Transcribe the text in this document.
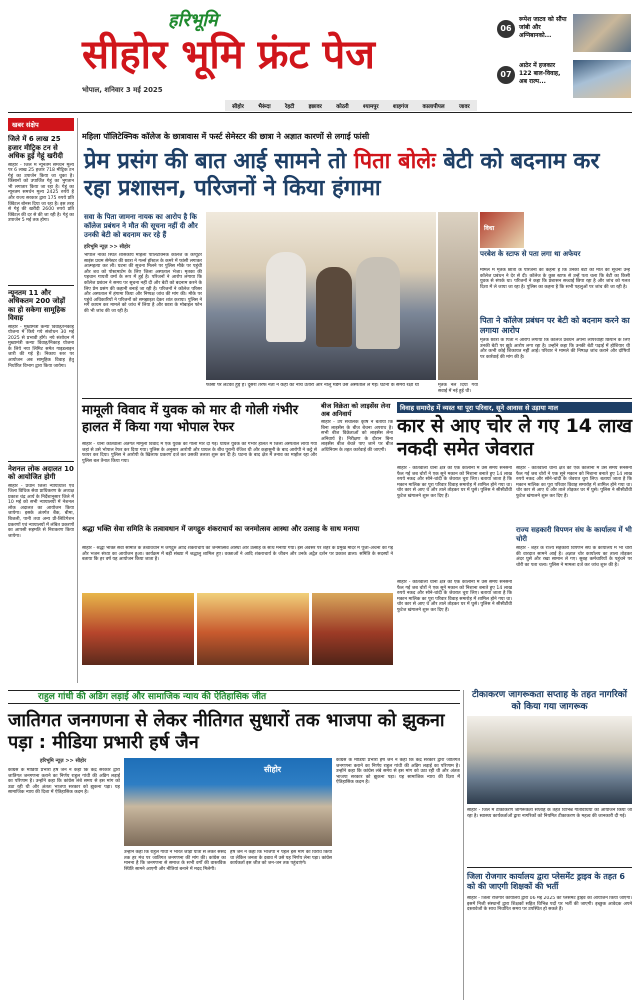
हरिभूमि
सीहोर भूमि फ्रंट पेज
भोपाल, शनिवार 3 मई 2025
सीहोर	भैरूंदा	रेहटी	इछावर	कोठरी	श्यामपुर	शाहगंज	कालापीपल	जावर
06
रूपेश जाटव को सौंपा जांबी और अग्निबानको...
07
आठेर में हजकार 122 बाल-विवाह, अब राल्प...
खबर संक्षेप
जिले में 6 लाख 25 हजार मीट्रिक टन से अधिक हुई गेहूं खरीदी
सीहोर - जिले में न्यूनतम समर्थन मूल्य पर 6 लाख 25 हजार 718 मीट्रिक टन गेहूं का उपार्जन किया जा चुका है। किसानों को उपार्जित गेहूं का भुगतान भी लगातार किया जा रहा है। गेहूं का न्यूनतम समर्थन मूल्य 2425 रुपये है और राज्य सरकार द्वारा 175 रुपये प्रति क्विंटल बोनस दिया जा रहा है। इस तरह से गेहूं की खरीदी 2600 रुपये प्रति क्विंटल की दर से की जा रही है। गेहूं का उपार्जन 5 मई तक होगा।
न्यूनतम 11 और अधिकतम 200 जोड़ों का हो सकेगा सामूहिक विवाह
सीहोर - मुख्यमंत्री कन्या विवाह/निकाह योजना में किये गये संशोधन 30 मई 2025 से प्रभावी होंगे। नये संशोधन में मुख्यमंत्री कन्या विवाह/निकाह योजना के लिये नया लिमिट समेत गाइडलाइन जारी की गई हैं। निकाय स्तर पर आयोजन अब सामूहिक विवाह हेतु निर्धारित विभाग द्वारा किया जायेगा।
नेशनल लोक अदालत 10 को आयोजित होगी
सीहोर - प्रधान जिला न्यायाधीश एवं जिला विधिक सेवा प्राधिकरण के अध्यक्ष प्रकाश चंद्र आर्य के निर्देशानुसार जिले में 10 मई को सभी न्यायालयों में नेशनल लोक अदालत का आयोजन किया जायेगा। इसके अंतर्गत बैंक, बीमा, बिजली, पानी तथा अन्य प्री-लिटिगेशन प्रकरणों एवं न्यायालयों में लंबित प्रकरणों का आपसी सहमति से निराकरण किया जायेगा।
महिला पॉलिटेक्निक कॉलेज के छात्रावास में फर्स्ट सेमेस्टर की छात्रा ने अज्ञात कारणों से लगाई फांसी
प्रेम प्रसंग की बात आई सामने तो पिता बोलेः बेटी को बदनाम कर रहा प्रशासन, परिजनों ने किया हंगामा
सवा के पिता जामना नायक का आरोप है कि कॉलेज प्रबंधन ने मौत की सूचना नहीं दी और उनकी बेटी को बदनाम कर रहे हैं
हरिभूमि न्यूज़ >> सीहोर
भोपाल नाका स्थित शासकीय महिला पॉलिटेक्निक कॉलेज के कंप्यूटर साइंस प्रथम सेमेस्टर की छात्रा ने गर्ल्स हॉस्टल के कमरे में फांसी लगाकर आत्महत्या कर ली। घटना की सूचना मिलने पर पुलिस मौके पर पहुंची और शव को पोस्टमार्टम के लिए जिला अस्पताल भेजा। मृतका की पहचान गायत्री वर्मा के रूप में हुई है। परिजनों ने आरोप लगाया कि कॉलेज प्रबंधन ने समय पर सूचना नहीं दी और बेटी को बदनाम करने के लिए प्रेम प्रसंग की कहानी बनाई जा रही है। परिजनों ने कॉलेज परिसर और अस्पताल में हंगामा किया और निष्पक्ष जांच की मांग की। मौके पर पहुंचे अधिकारियों ने परिजनों को समझाइश देकर शांत कराया। पुलिस ने मर्ग कायम कर मामले को जांच में लिया है और छात्रा के मोबाइल फोन की भी जांच की जा रही है।
फांसी पर लटकी हुई है। दूसरी तरफ नेता ने कहा की नीचे उतारा और नीलू मैडम उसे अस्पताल ले गई। घटना के समय रक्षा थी	मृतक नेल दिया गया सवाई में नई हुई थी।
विधा
परबेश के स्टाफ से पता लगा था अफेयर
मामले में मृतक छात्रा के परिजनों का कहना है कि उनकी बेटी की मौत की सूचना उन्हें कॉलेज प्रबंधन ने देर से दी। कॉलेज के कुछ स्टाफ से उन्हें पता चला कि बेटी का किसी युवक से संपर्क था। परिजनों ने कहा कि प्रशासन सच्चाई छिपा रहा है और जांच को गलत दिशा में ले जाया जा रहा है। पुलिस का कहना है कि सभी पहलुओं पर जांच की जा रही है।
पिता ने कॉलेज प्रबंधन पर बेटी को बदनाम करने का लगाया आरोप
मृतक छात्रा के पिता ने आरोप लगाया कि कॉलेज प्रबंधन अपनी लापरवाही छिपाने के लिए उनकी बेटी पर झूठे आरोप लगा रहा है। उन्होंने कहा कि उनकी बेटी पढ़ाई में होशियार थी और कभी कोई शिकायत नहीं आई। परिवार ने मामले की निष्पक्ष जांच कराने और दोषियों पर कार्रवाई की मांग की है।
मामूली विवाद में युवक को मार दी गोली गंभीर हालत में किया गया भोपाल रेफर
सीहोर - थाना कोतवाली अंतर्गत मामूली विवाद में एक युवक को गोली मार दी गई। घायल युवक को गंभीर हालत में जिला अस्पताल लाया गया जहां से उसे भोपाल रेफर कर दिया गया। पुलिस के अनुसार आरोपी और घायल के बीच पुरानी रंजिश थी और कहासुनी के बाद आरोपी ने कट्टे से फायर कर दिया। पुलिस ने आरोपी के खिलाफ प्रकरण दर्ज कर उसकी तलाश शुरू कर दी है। घटना के बाद क्षेत्र में तनाव का माहौल रहा और पुलिस बल तैनात किया गया।
बीज विक्रेता को लाइसेंस लेना अब अनिवार्य
सीहोर - उप संचालक कृषि ने बताया कि बिना लाइसेंस के बीज बेचना अपराध है। सभी बीज विक्रेताओं को लाइसेंस लेना अनिवार्य है। निरीक्षण के दौरान बिना लाइसेंस बीज बेचते पाए जाने पर बीज अधिनियम के तहत कार्रवाई की जाएगी।
विवाह समारोह में व्यस्त था पूरा परिवार, सूने आवास से उड़ाया माल
कार से आए चोर ले गए 14 लाख नकदी समेत जेवरात
सीहोर - कोतवाली थाना क्षेत्र की एक कॉलोनी में उस समय सनसनी फैल गई जब चोरों ने एक सूने मकान को निशाना बनाते हुए 14 लाख रुपये नकद और सोने-चांदी के जेवरात चुरा लिए। बताया जाता है कि मकान मालिक का पूरा परिवार विवाह समारोह में शामिल होने गया था। चोर कार से आए थे और ताले तोड़कर घर में घुसे। पुलिस ने सीसीटीवी फुटेज खंगालने शुरू कर दिए हैं।
सीहोर - कोतवाली थाना क्षेत्र की एक कॉलोनी में उस समय सनसनी फैल गई जब चोरों ने एक सूने मकान को निशाना बनाते हुए 14 लाख रुपये नकद और सोने-चांदी के जेवरात चुरा लिए। बताया जाता है कि मकान मालिक का पूरा परिवार विवाह समारोह में शामिल होने गया था। चोर कार से आए थे और ताले तोड़कर घर में घुसे। पुलिस ने सीसीटीवी फुटेज खंगालने शुरू कर दिए हैं।
राज्य सहकारी विपणन संघ के कार्यालय में भी चोरी
सीहोर - शहर के राज्य सहकारी विपणन संघ के कार्यालय में भी चोरी की वारदात सामने आई है। अज्ञात चोर कार्यालय का ताला तोड़कर अंदर घुसे और रखा सामान ले गए। सुबह कर्मचारियों के पहुंचने पर चोरी का पता चला। पुलिस ने मामला दर्ज कर जांच शुरू की है।
सीहोर - कोतवाली थाना क्षेत्र की एक कॉलोनी में उस समय सनसनी फैल गई जब चोरों ने एक सूने मकान को निशाना बनाते हुए 14 लाख रुपये नकद और सोने-चांदी के जेवरात चुरा लिए। बताया जाता है कि मकान मालिक का पूरा परिवार विवाह समारोह में शामिल होने गया था। चोर कार से आए थे और ताले तोड़कर घर में घुसे। पुलिस ने सीसीटीवी फुटेज खंगालने शुरू कर दिए हैं।
श्रद्धा भक्ति सेवा समिति के तत्वावधान में जगद्गुरु शंकराचार्य का जनमोत्सव आस्था और उत्साह के साथ मनाया
सीहोर - श्रद्धा भक्ति सेवा समिति के तत्वावधान में जगद्गुरु आदि शंकराचार्य का जनमोत्सव आस्था और उत्साह के साथ मनाया गया। इस अवसर पर शहर के प्रमुख मंदिर में पूजा-अर्चना की गई और भजन संध्या का आयोजन हुआ। कार्यक्रम में बड़ी संख्या में श्रद्धालु शामिल हुए। वक्ताओं ने आदि शंकराचार्य के जीवन और उनके अद्वैत दर्शन पर प्रकाश डाला। समिति के सदस्यों ने बताया कि हर वर्ष यह आयोजन किया जाता है।
राहुल गांधी की अडिग लड़ाई और सामाजिक न्याय की ऐतिहासिक जीत
जातिगत जनगणना से लेकर नीतिगत सुधारों तक भाजपा को झुकना पड़ा : मीडिया प्रभारी हर्ष जैन
हरिभूमि न्यूज़ >> सीहोर
कांग्रेस के मीडिया प्रभारी हर्ष जैन ने कहा कि केंद्र सरकार द्वारा जातिगत जनगणना कराने का निर्णय राहुल गांधी की अडिग लड़ाई का परिणाम है। उन्होंने कहा कि कांग्रेस लंबे समय से इस मांग को उठा रही थी और अंततः भाजपा सरकार को झुकना पड़ा। यह सामाजिक न्याय की दिशा में ऐतिहासिक कदम है।
सीहोर
उन्होंने कहा कि राहुल गांधी ने भारत जोड़ो यात्रा से लेकर संसद तक हर मंच पर जातिगत जनगणना की मांग की। कांग्रेस का मानना है कि जनगणना से समाज के सभी वर्गों की वास्तविक स्थिति सामने आएगी और नीतियां बनाने में मदद मिलेगी।
हर्ष जैन ने कहा कि भाजपा ने पहले इस मांग का विरोध किया था लेकिन जनता के दबाव में उसे यह निर्णय लेना पड़ा। कांग्रेस कार्यकर्ता इस जीत को जन-जन तक पहुंचाएंगे।
कांग्रेस के मीडिया प्रभारी हर्ष जैन ने कहा कि केंद्र सरकार द्वारा जातिगत जनगणना कराने का निर्णय राहुल गांधी की अडिग लड़ाई का परिणाम है। उन्होंने कहा कि कांग्रेस लंबे समय से इस मांग को उठा रही थी और अंततः भाजपा सरकार को झुकना पड़ा। यह सामाजिक न्याय की दिशा में ऐतिहासिक कदम है।
टीकाकरण जागरूकता सप्ताह के तहत नागरिकों को किया गया जागरूक
सीहोर - जिले में टीकाकरण जागरूकता सप्ताह के तहत विभिन्न गतिविधियों का आयोजन किया जा रहा है। स्वास्थ्य कार्यकर्ताओं द्वारा नागरिकों को नियमित टीकाकरण के महत्व की जानकारी दी गई।
जिला रोजगार कार्यालय द्वारा प्लेसमेंट ड्राइव के तहत 6 को की जाएगी शिक्षकों की भर्ती
सीहोर - जिला रोजगार कार्यालय द्वारा 06 मई 2025 को प्लेसमेंट ड्राइव का आयोजन किया जाएगा। इसमें निजी संस्थानों द्वारा शिक्षकों सहित विभिन्न पदों पर भर्ती की जाएगी। इच्छुक आवेदक अपने दस्तावेजों के साथ निर्धारित समय पर उपस्थित हो सकते हैं।
